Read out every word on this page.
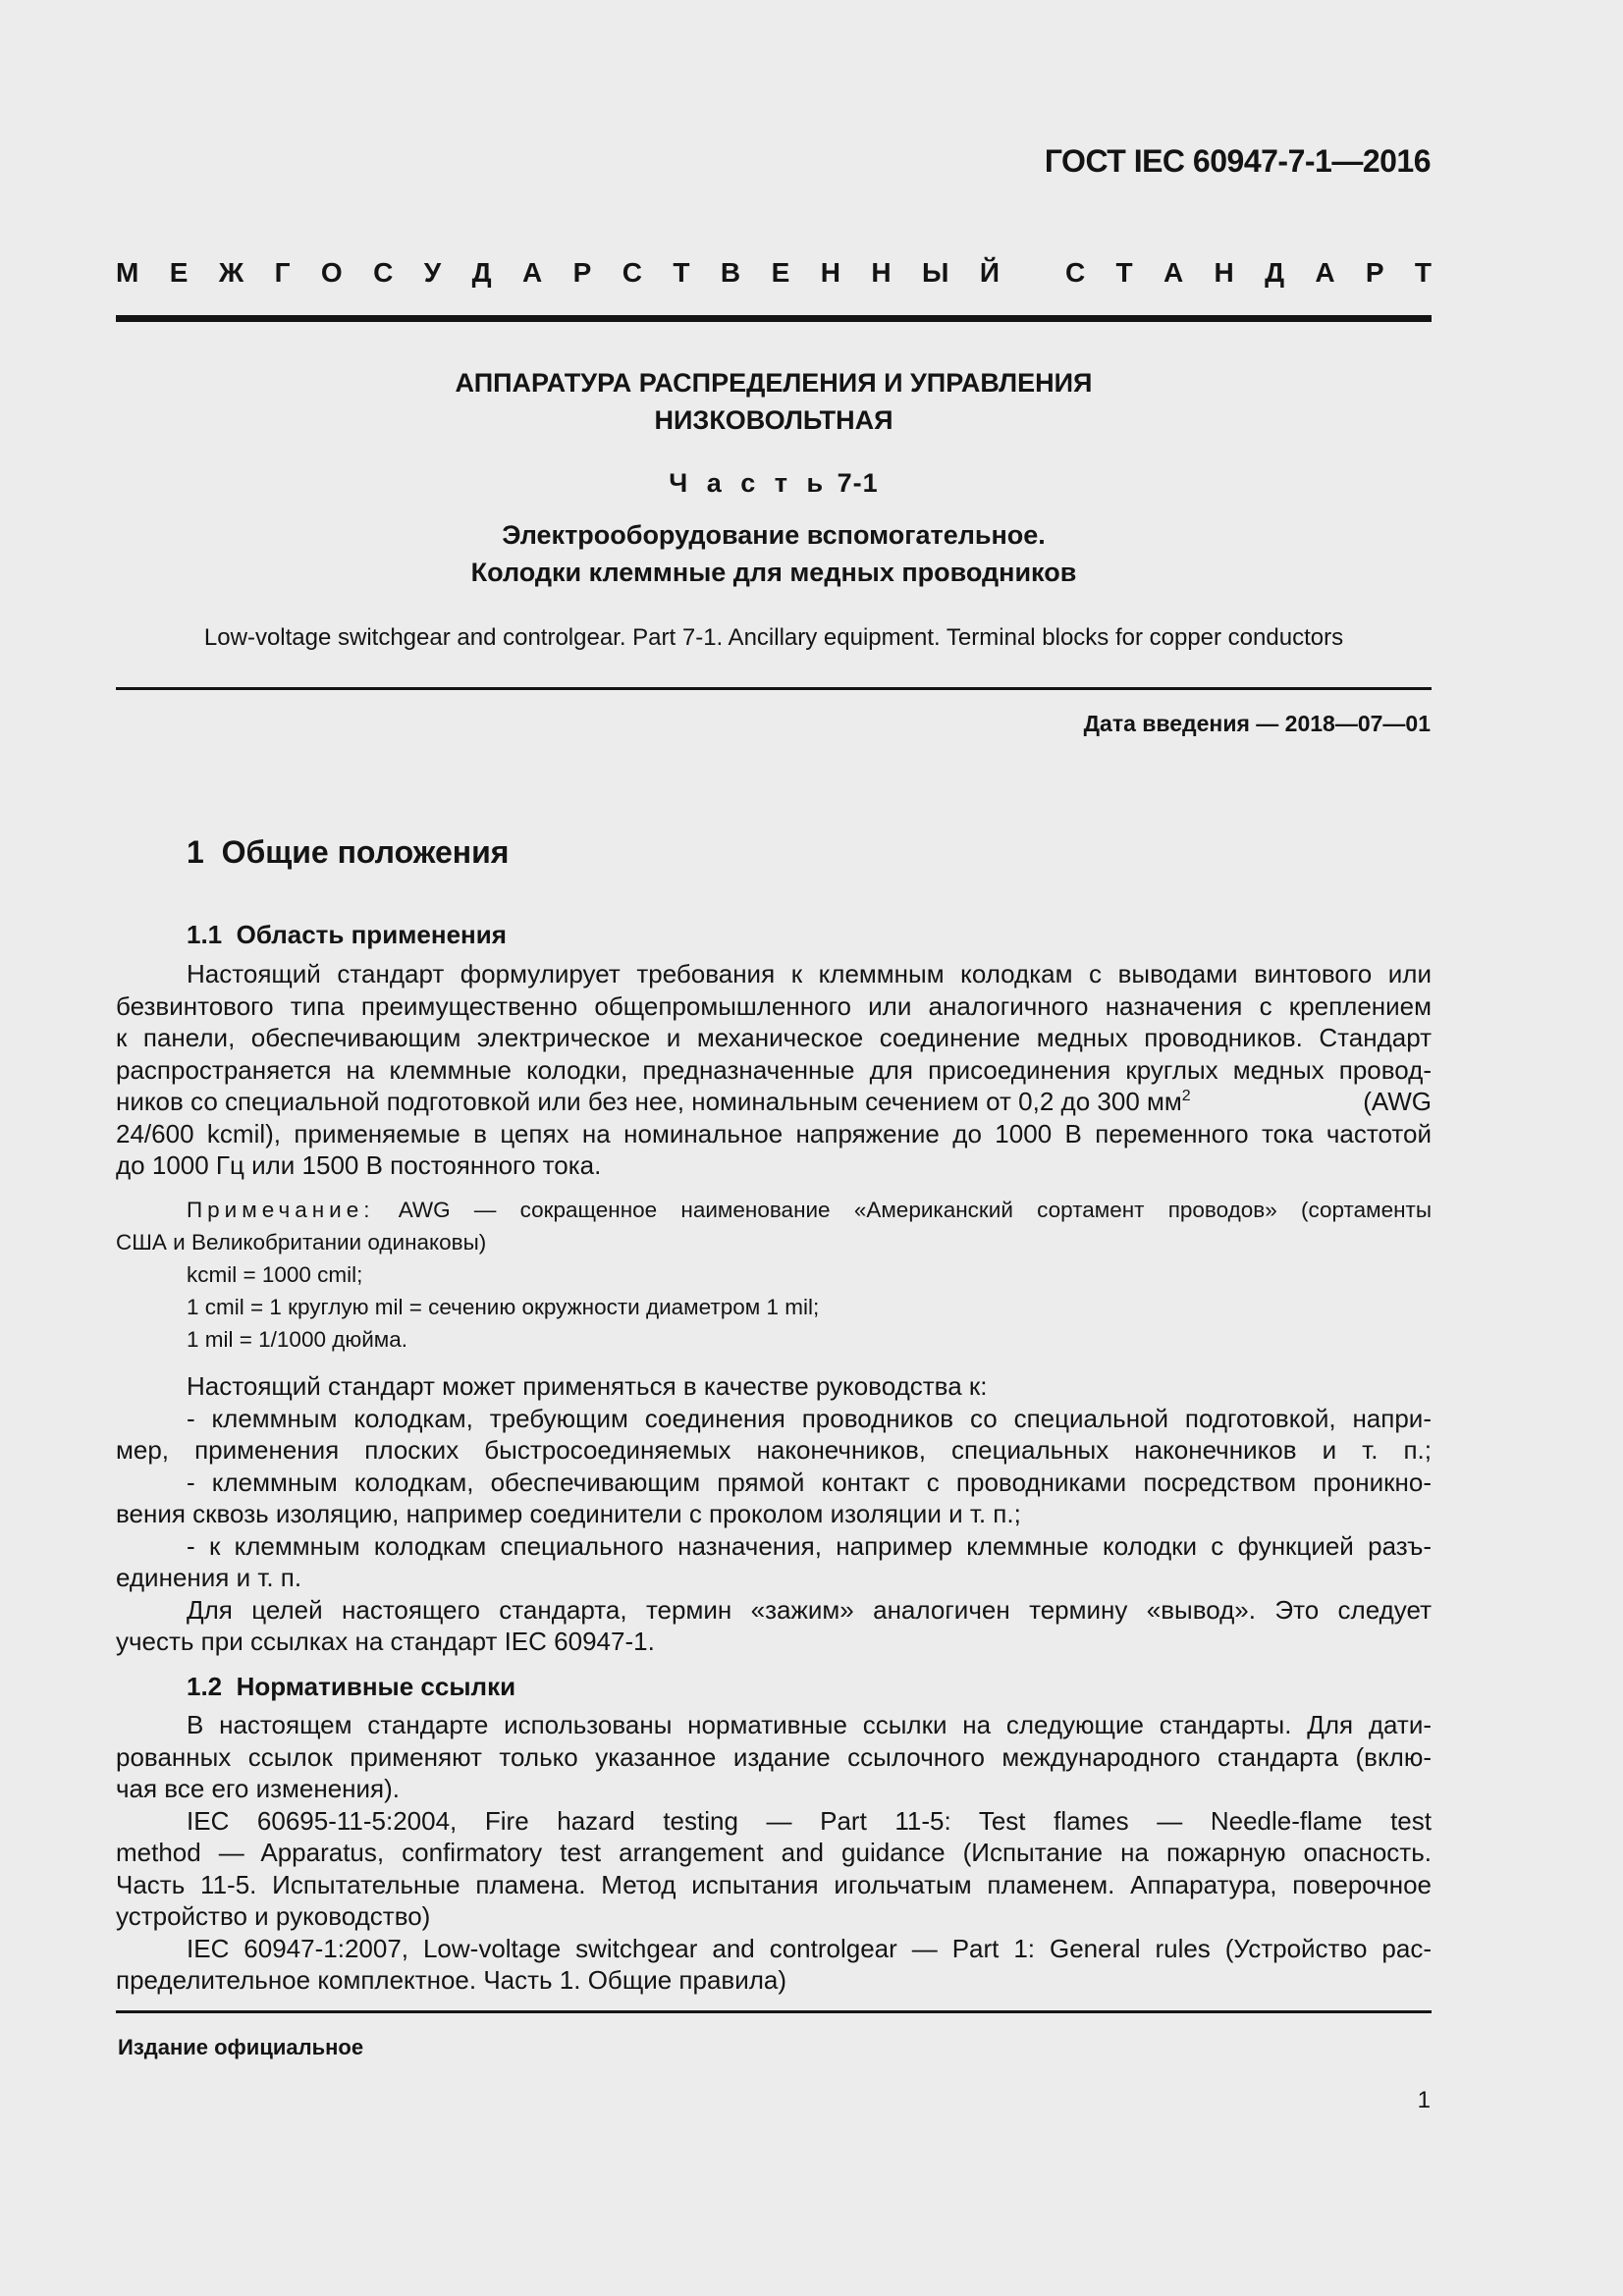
ГОСТ IEC 60947-7-1—2016
М Е Ж Г О С У Д А Р С Т В Е Н Н Ы Й С Т А Н Д А Р Т
АППАРАТУРА РАСПРЕДЕЛЕНИЯ И УПРАВЛЕНИЯ
НИЗКОВОЛЬТНАЯ
Ч а с т ь 7-1
Электрооборудование вспомогательное.
Колодки клеммные для медных проводников
Low-voltage switchgear and controlgear. Part 7-1. Ancillary equipment. Terminal blocks for copper conductors
Дата введения — 2018—07—01
1  Общие положения
1.1  Область применения
Настоящий стандарт формулирует требования к клеммным колодкам с выводами винтового или
безвинтового типа преимущественно общепромышленного или аналогичного назначения с креплением
к панели, обеспечивающим электрическое и механическое соединение медных проводников. Стандарт
распространяется на клеммные колодки, предназначенные для присоединения круглых медных провод-
ников со специальной подготовкой или без нее, номинальным сечением от 0,2 до 300 $мм^2$	(AWG
24/600 kcmil), применяемые в цепях на номинальное напряжение до 1000 В переменного тока частотой
до 1000 Гц или 1500 В постоянного тока.
Примечание: AWG — сокращенное наименование «Американский сортамент проводов» (сортаменты
США и Великобритании одинаковы)
kcmil = 1000 cmil;
1 cmil = 1 круглую mil = сечению окружности диаметром 1 mil;
1 mil = 1/1000 дюйма.
Настоящий стандарт может применяться в качестве руководства к:
- клеммным колодкам, требующим соединения проводников со специальной подготовкой, напри-
мер, применения плоских быстросоединяемых наконечников, специальных наконечников и т. п.;
- клеммным колодкам, обеспечивающим прямой контакт с проводниками посредством проникно-
вения сквозь изоляцию, например соединители с проколом изоляции и т. п.;
- к клеммным колодкам специального назначения, например клеммные колодки с функцией разъ-
единения и т. п.
Для целей настоящего стандарта, термин «зажим» аналогичен термину «вывод». Это следует
учесть при ссылках на стандарт IEC 60947-1.
1.2  Нормативные ссылки
В настоящем стандарте использованы нормативные ссылки на следующие стандарты. Для дати-
рованных ссылок применяют только указанное издание ссылочного международного стандарта (вклю-
чая все его изменения).
IEC 60695-11-5:2004, Fire hazard testing — Part 11-5: Test flames — Needle-flame test
method — Apparatus, confirmatory test arrangement and guidance (Испытание на пожарную опасность.
Часть 11-5. Испытательные пламена. Метод испытания игольчатым пламенем. Аппаратура, поверочное
устройство и руководство)
IEC 60947-1:2007, Low-voltage switchgear and controlgear — Part 1: General rules (Устройство рас-
пределительное комплектное. Часть 1. Общие правила)
Издание официальное
1
